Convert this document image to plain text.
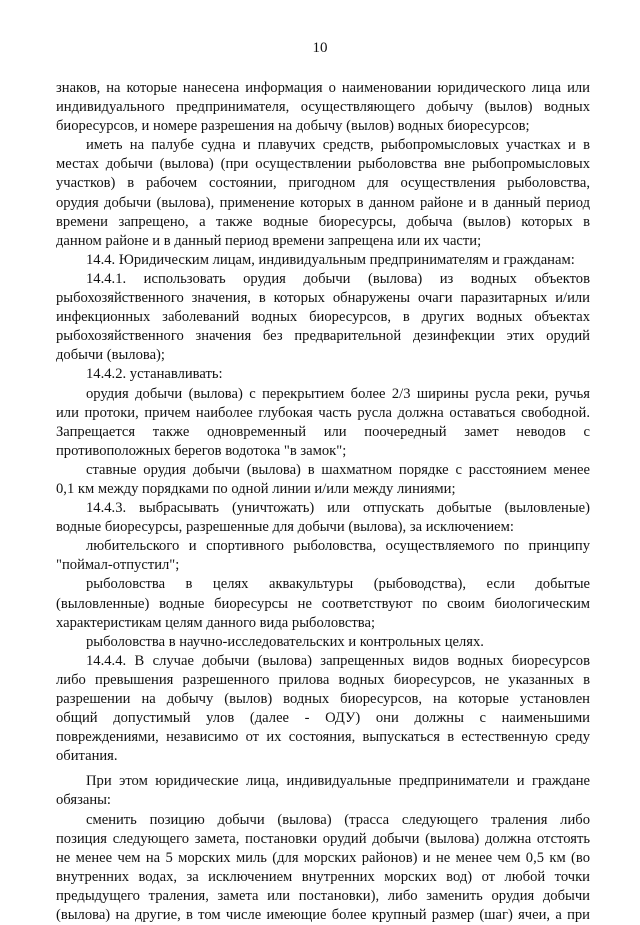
10
знаков, на которые нанесена информация о наименовании юридического лица или
индивидуального предпринимателя, осуществляющего добычу (вылов) водных
биоресурсов, и номере разрешения на добычу (вылов) водных биоресурсов;
иметь на палубе судна и плавучих средств, рыбопромысловых участках и в
местах добычи (вылова) (при осуществлении рыболовства вне рыбопромысловых
участков) в рабочем состоянии, пригодном для осуществления рыболовства,
орудия добычи (вылова), применение которых в данном районе и в данный период
времени запрещено, а также водные биоресурсы, добыча (вылов) которых в
данном районе и в данный период времени запрещена или их части;
14.4. Юридическим лицам, индивидуальным предпринимателям и гражданам:
14.4.1. использовать орудия добычи (вылова) из водных объектов
рыбохозяйственного значения, в которых обнаружены очаги паразитарных и/или
инфекционных заболеваний водных биоресурсов, в других водных объектах
рыбохозяйственного значения без предварительной дезинфекции этих орудий
добычи (вылова);
14.4.2. устанавливать:
орудия добычи (вылова) с перекрытием более 2/3 ширины русла реки, ручья
или протоки, причем наиболее глубокая часть русла должна оставаться свободной.
Запрещается также одновременный или поочередный замет неводов с
противоположных берегов водотока "в замок";
ставные орудия добычи (вылова) в шахматном порядке с расстоянием менее
0,1 км между порядками по одной линии и/или между линиями;
14.4.3. выбрасывать (уничтожать) или отпускать добытые (выловленые)
водные биоресурсы, разрешенные для добычи (вылова), за исключением:
любительского и спортивного рыболовства, осуществляемого по принципу
"поймал-отпустил";
рыболовства в целях аквакультуры (рыбоводства), если добытые
(выловленные) водные биоресурсы не соответствуют по своим биологическим
характеристикам целям данного вида рыболовства;
рыболовства в научно-исследовательских и контрольных целях.
14.4.4. В случае добычи (вылова) запрещенных видов водных биоресурсов
либо превышения разрешенного прилова водных биоресурсов, не указанных в
разрешении на добычу (вылов) водных биоресурсов, на которые установлен
общий допустимый улов (далее - ОДУ) они должны с наименьшими
повреждениями, независимо от их состояния, выпускаться в естественную среду
обитания.
При этом юридические лица, индивидуальные предприниматели и граждане
обязаны:
сменить позицию добычи (вылова) (трасса следующего траления либо
позиция следующего замета, постановки орудий добычи (вылова) должна отстоять
не менее чем на 5 морских миль (для морских районов) и не менее чем 0,5 км (во
внутренних водах, за исключением внутренних морских вод) от любой точки
предыдущего траления, замета или постановки), либо заменить орудия добычи
(вылова) на другие, в том числе имеющие более крупный размер (шаг) ячеи, а при
